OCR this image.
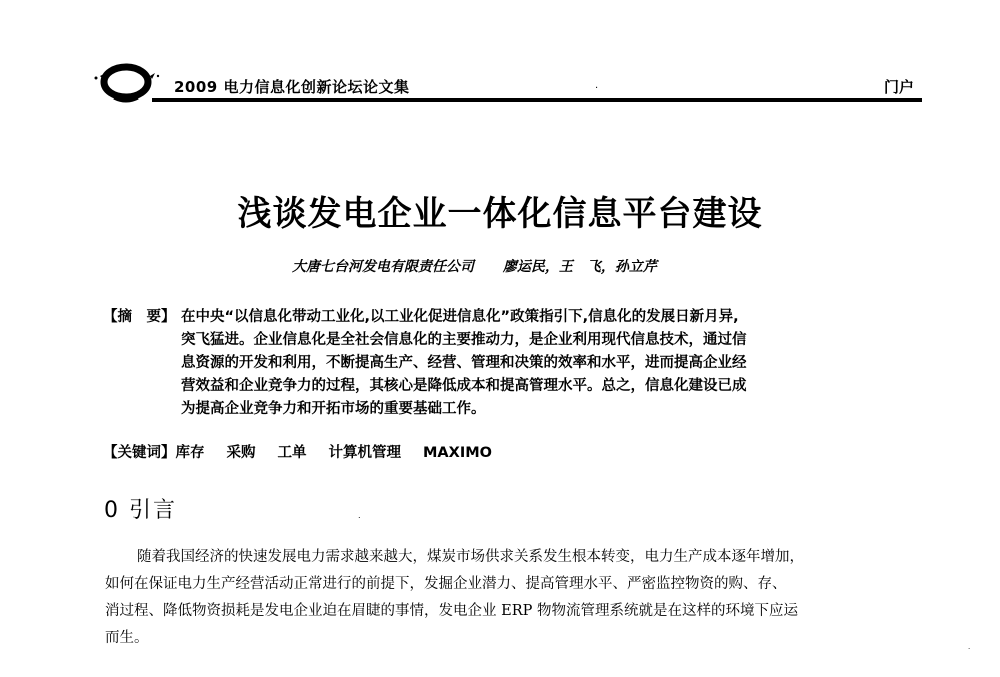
2009 电力信息化创新论坛论文集	.	门户
浅谈发电企业一体化信息平台建设
大唐七台河发电有限责任公司 廖运民，王　飞，孙立芹
【摘　要】 在中央“以信息化带动工业化,以工业化促进信息化”政策指引下,信息化的发展日新月异,
突飞猛进。企业信息化是全社会信息化的主要推动力，是企业利用现代信息技术，通过信
息资源的开发和利用，不断提高生产、经营、管理和决策的效率和水平，进而提高企业经
营效益和企业竞争力的过程，其核心是降低成本和提高管理水平。总之，信息化建设已成
为提高企业竞争力和开拓市场的重要基础工作。
【关键词】库存 采购 工单 计算机管理 MAXIMO
0 引言	.
随着我国经济的快速发展电力需求越来越大，煤炭市场供求关系发生根本转变，电力生产成本逐年增加，
如何在保证电力生产经营活动正常进行的前提下，发掘企业潜力、提高管理水平、严密监控物资的购、存、
消过程、降低物资损耗是发电企业迫在眉睫的事情，发电企业 ERP 物物流管理系统就是在这样的环境下应运
而生。
.
